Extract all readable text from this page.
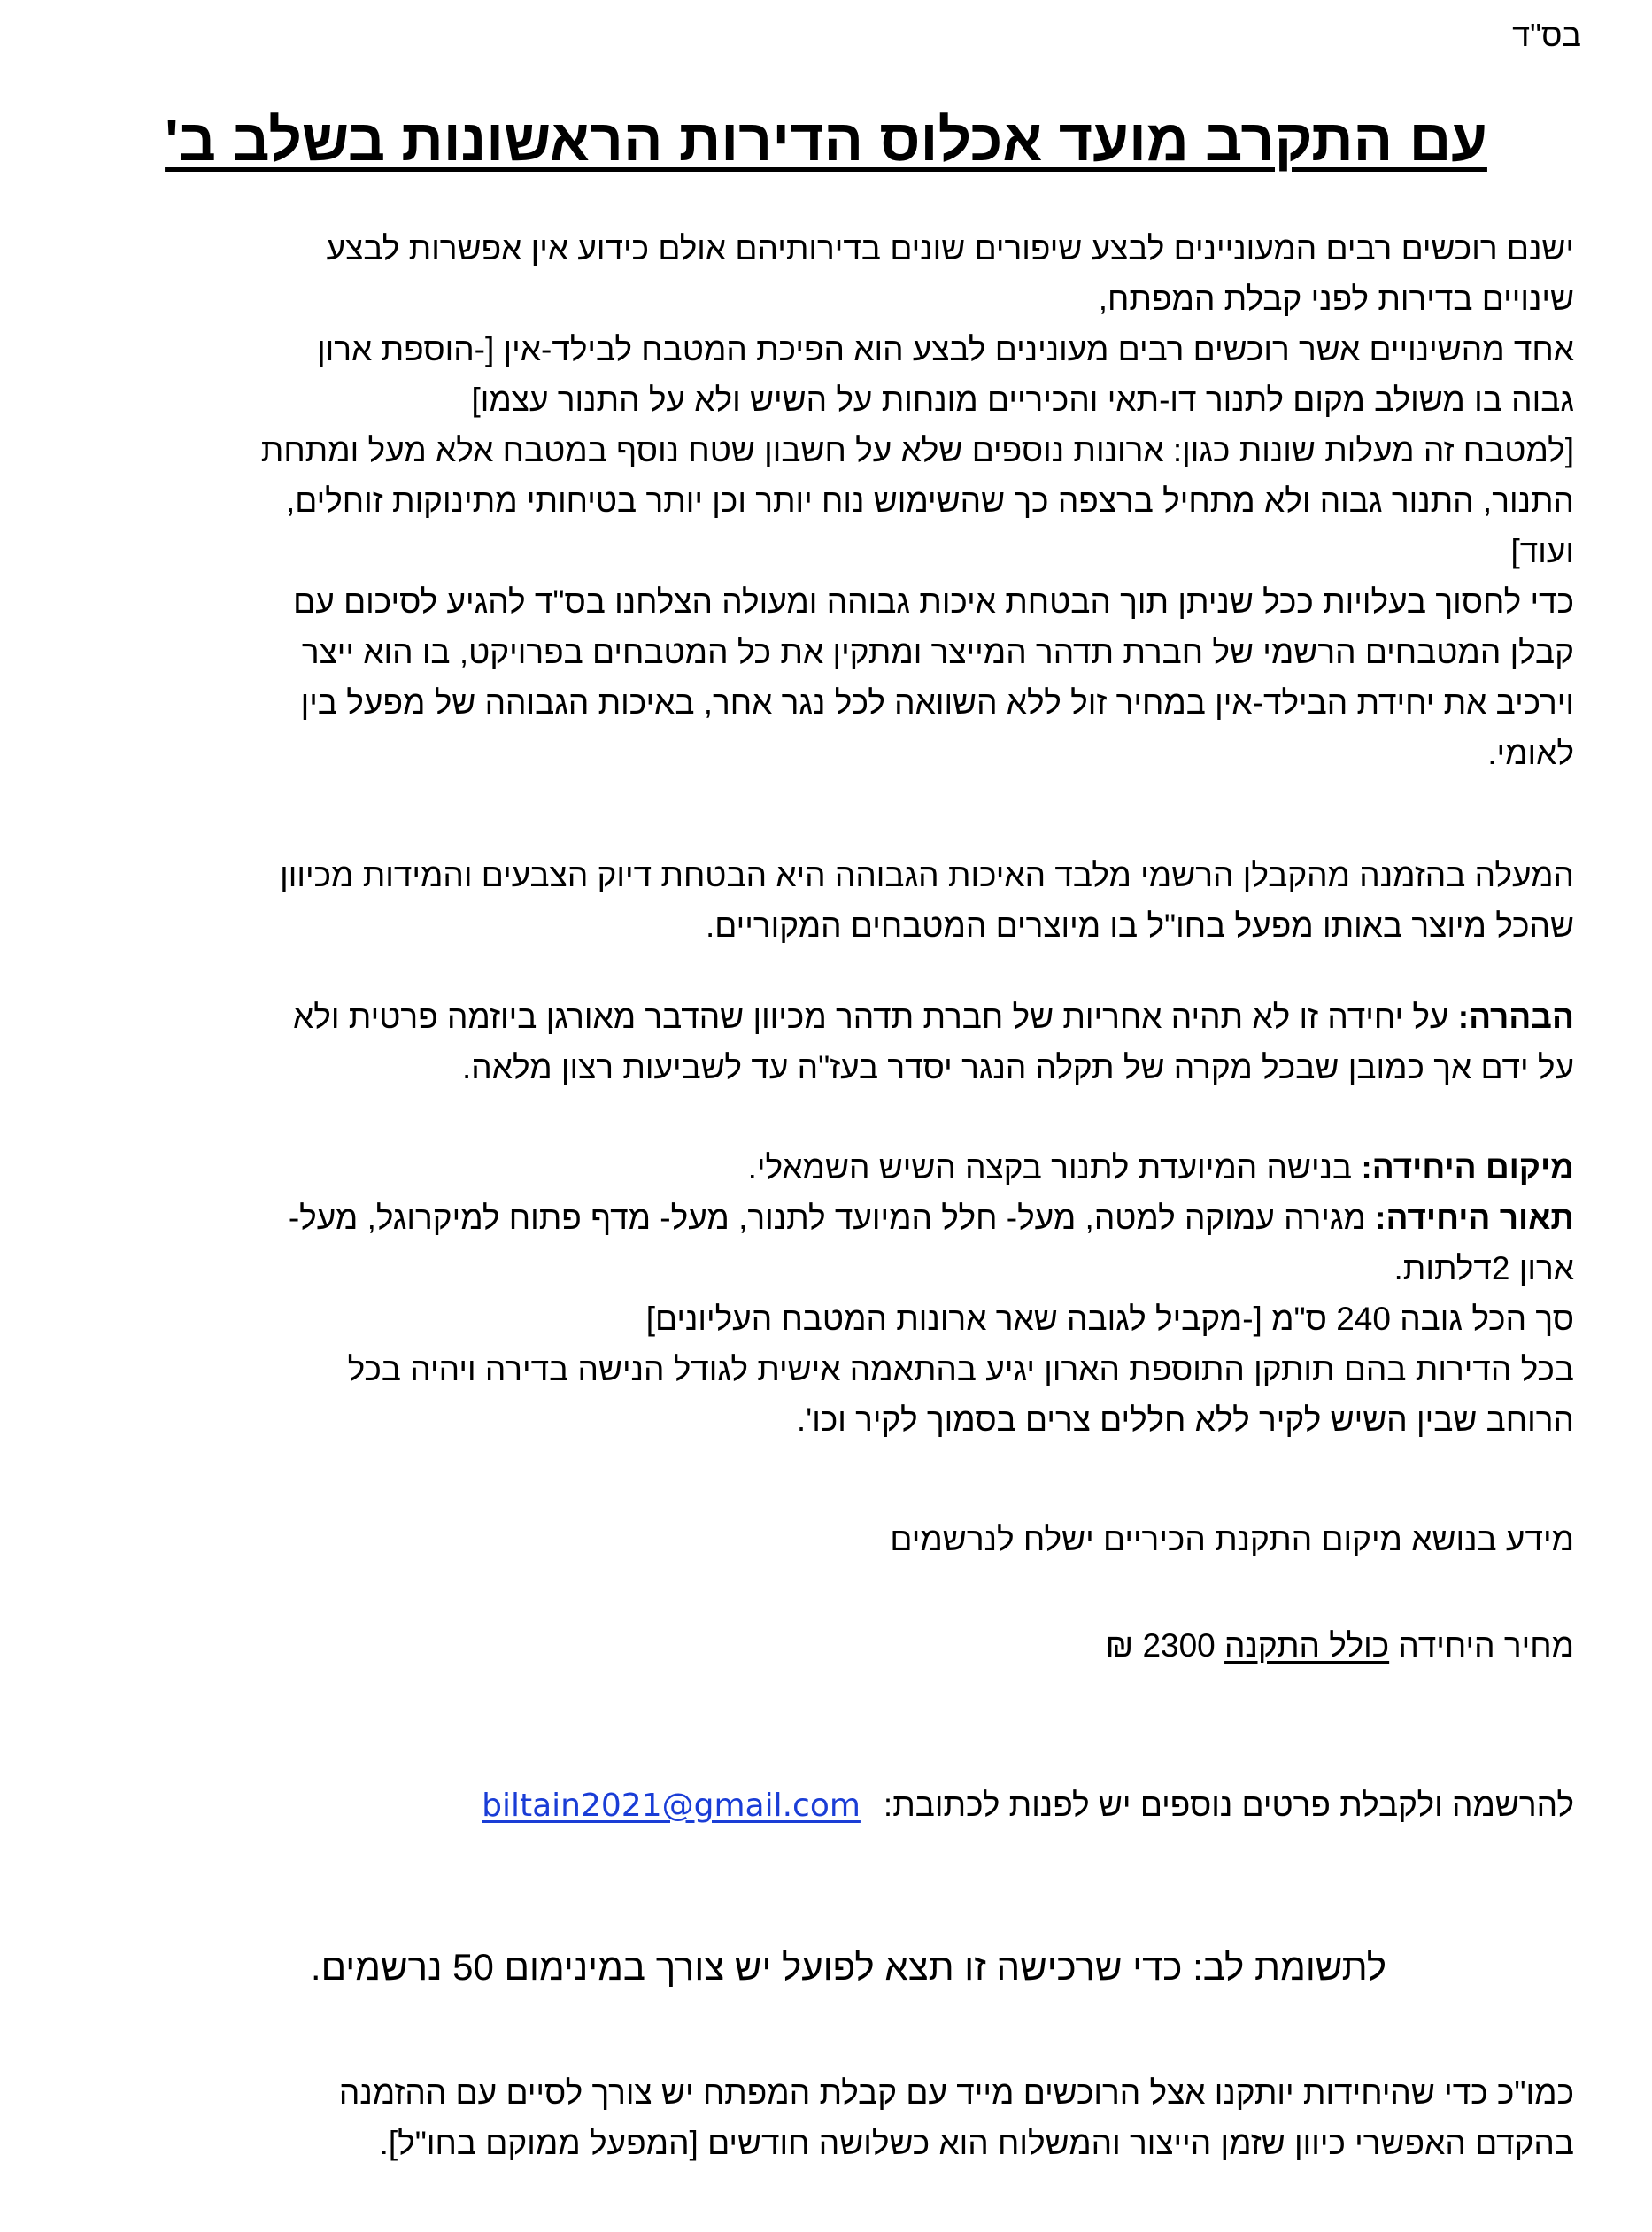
בס"ד
עם התקרב מועד אכלוס הדירות הראשונות בשלב ב'
ישנם רוכשים רבים המעוניינים לבצע שיפורים שונים בדירותיהם אולם כידוע אין אפשרות לבצע
שינויים בדירות לפני קבלת המפתח,
אחד מהשינויים אשר רוכשים רבים מעונינים לבצע הוא הפיכת המטבח לבילד-אין [-הוספת ארון
גבוה בו משולב מקום לתנור דו-תאי והכיריים מונחות על השיש ולא על התנור עצמו]
[למטבח זה מעלות שונות כגון: ארונות נוספים שלא על חשבון שטח נוסף במטבח אלא מעל ומתחת
התנור, התנור גבוה ולא מתחיל ברצפה כך שהשימוש נוח יותר וכן יותר בטיחותי מתינוקות זוחלים,
ועוד]
כדי לחסוך בעלויות ככל שניתן תוך הבטחת איכות גבוהה ומעולה הצלחנו בס"ד להגיע לסיכום עם
קבלן המטבחים הרשמי של חברת תדהר המייצר ומתקין את כל המטבחים בפרויקט, בו הוא ייצר
וירכיב את יחידת הבילד-אין במחיר זול ללא השוואה לכל נגר אחר, באיכות הגבוהה של מפעל בין
לאומי.
המעלה בהזמנה מהקבלן הרשמי מלבד האיכות הגבוהה היא הבטחת דיוק הצבעים והמידות מכיוון
שהכל מיוצר באותו מפעל בחו"ל בו מיוצרים המטבחים המקוריים.
הבהרה: על יחידה זו לא תהיה אחריות של חברת תדהר מכיוון שהדבר מאורגן ביוזמה פרטית ולא
על ידם אך כמובן שבכל מקרה של תקלה הנגר יסדר בעז"ה עד לשביעות רצון מלאה.
מיקום היחידה: בנישה המיועדת לתנור בקצה השיש השמאלי.
תאור היחידה: מגירה עמוקה למטה, מעל- חלל המיועד לתנור, מעל- מדף פתוח למיקרוגל, מעל-
ארון 2דלתות.
סך הכל גובה 240 ס"מ [-מקביל לגובה שאר ארונות המטבח העליונים]
בכל הדירות בהם תותקן התוספת הארון יגיע בהתאמה אישית לגודל הנישה בדירה ויהיה בכל
הרוחב שבין השיש לקיר ללא חללים צרים בסמוך לקיר וכו'.
מידע בנושא מיקום התקנת הכיריים ישלח לנרשמים
מחיר היחידה כולל התקנה 2300 ₪
להרשמה ולקבלת פרטים נוספים יש לפנות לכתובת:biltain2021@gmail.com
לתשומת לב: כדי שרכישה זו תצא לפועל יש צורך במינימום 50 נרשמים.
כמו"כ כדי שהיחידות יותקנו אצל הרוכשים מייד עם קבלת המפתח יש צורך לסיים עם ההזמנה
בהקדם האפשרי כיוון שזמן הייצור והמשלוח הוא כשלושה חודשים [המפעל ממוקם בחו"ל].
